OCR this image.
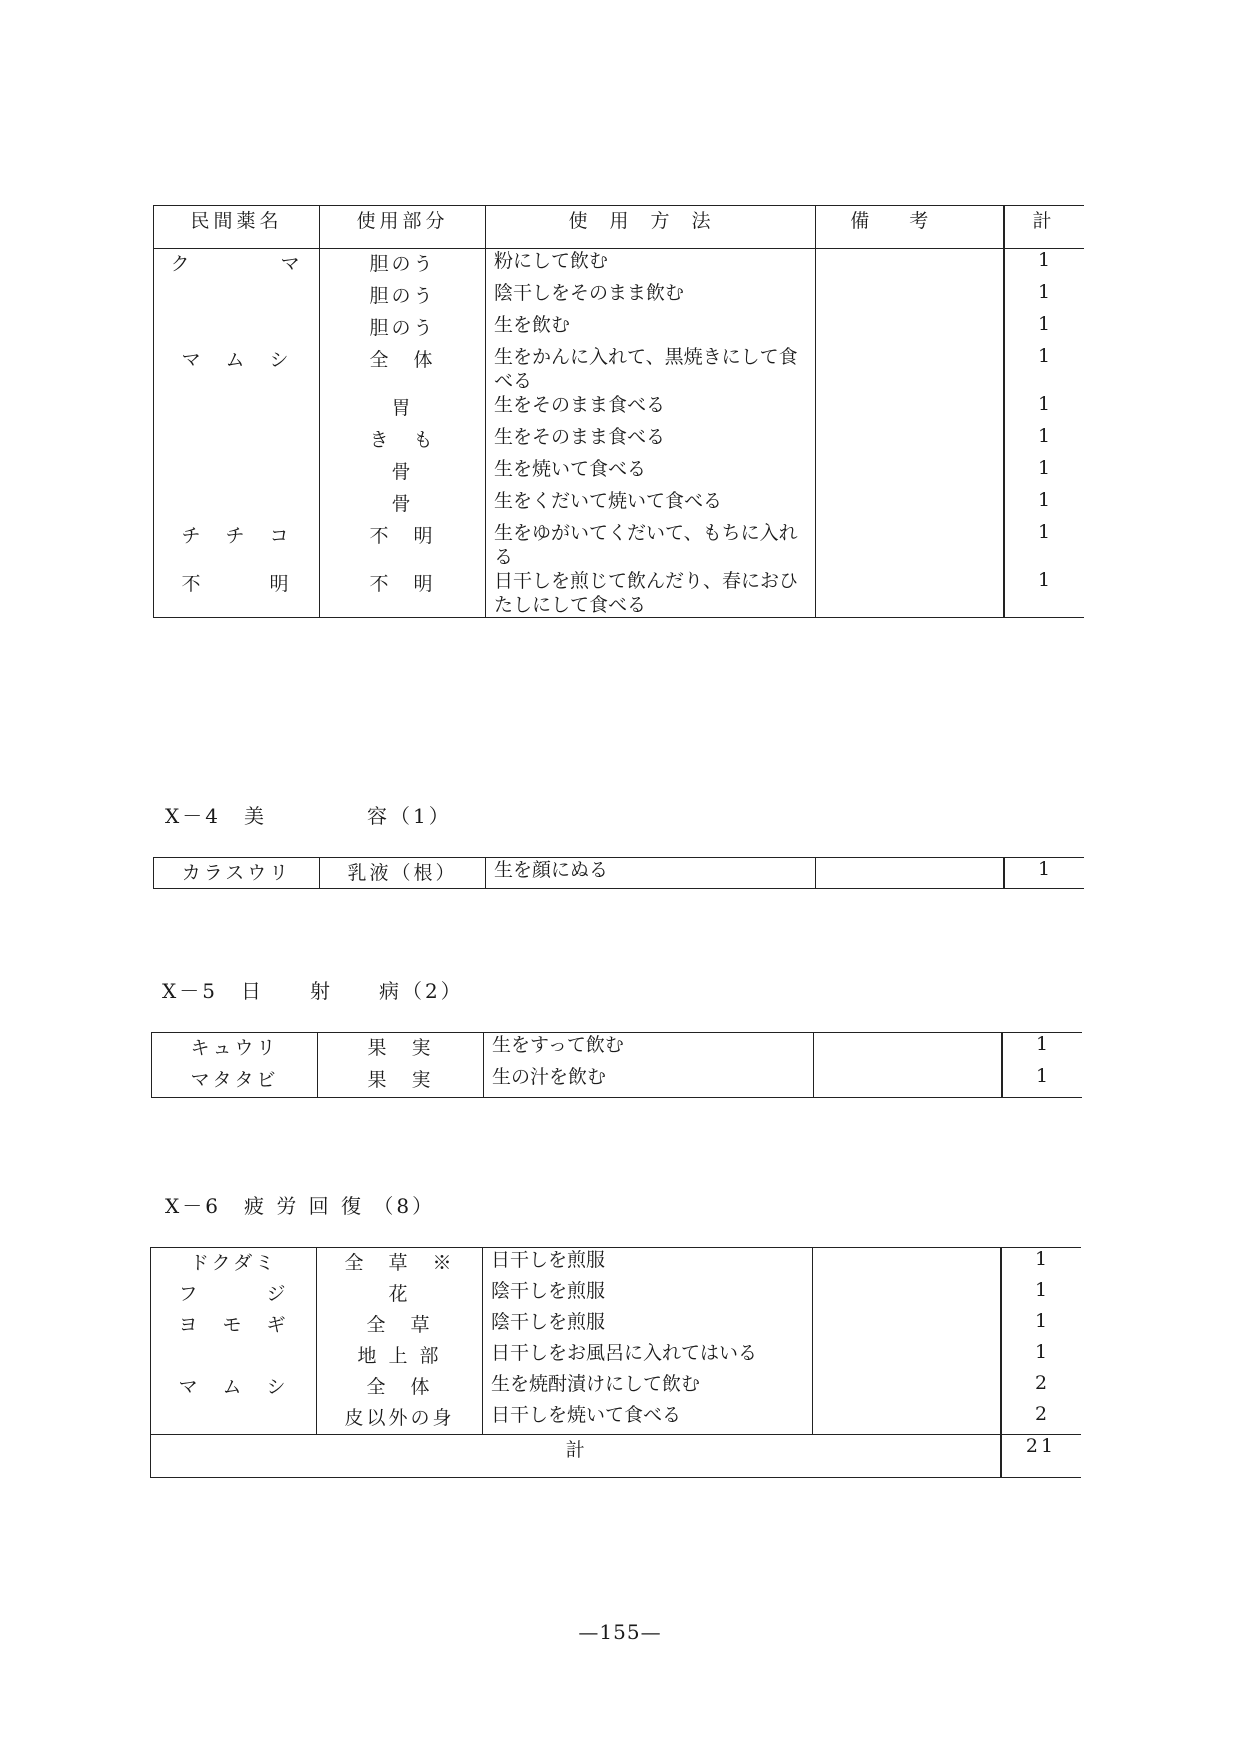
民間薬名	使用部分	使用方法	備考	計
ク　　　　マ	胆のう	粉にして飲む		1
	胆のう	陰干しをそのまま飲む		1
	胆のう	生を飲む		1
マ　ム　シ	全　体	生をかんに入れて、黒焼きにして食べる		1
	胃	生をそのまま食べる		1
	き　も	生をそのまま食べる		1
	骨	生を焼いて食べる		1
	骨	生をくだいて焼いて食べる		1
チ　チ　コ	不　明	生をゆがいてくだいて、もちに入れる		1
不　　　明	不　明	日干しを煎じて飲んだり、春におひたしにして食べる		1
X－4　美	容（1）
カラスウリ	乳液（根）	生を顔にぬる		1
X－5　日　　射　　病（2）
キュウリ	果　実	生をすって飲む		1
マタタビ	果　実	生の汁を飲む		1
X－6　疲 労 回 復 （8）
ドクダミ	全　草　※	日干しを煎服		1
フ　　　ジ	花	陰干しを煎服		1
ヨ　モ　ギ	全　草	陰干しを煎服		1
	地 上 部	日干しをお風呂に入れてはいる		1
マ　ム　シ	全　体	生を焼酎漬けにして飲む		2
	皮以外の身	日干しを焼いて食べる		2
計				21
—155—
